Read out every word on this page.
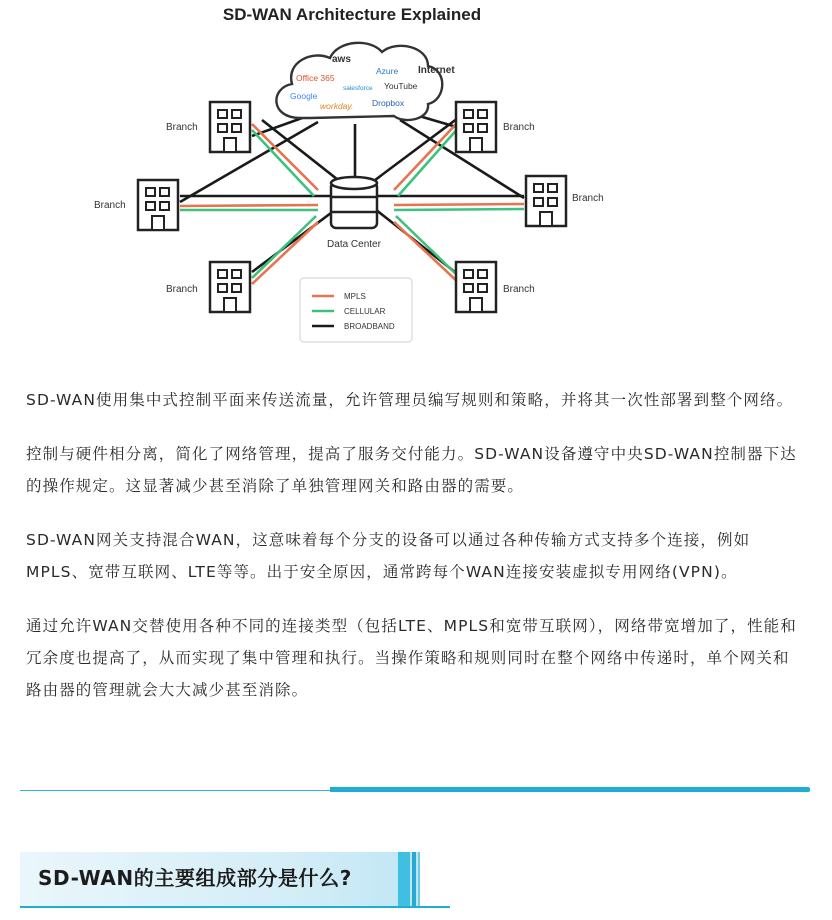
SD-WAN Architecture Explained
aws
Azure
Office 365
salesforce YouTube
Google
workday. Dropbox
Internet
Data Center
Branch
Branch
Branch
Branch
Branch
Branch
MPLS
CELLULAR
BROADBAND

SD-WAN使用集中式控制平面来传送流量，允许管理员编写规则和策略，并将其一次性部署到整个网络。

控制与硬件相分离，简化了网络管理，提高了服务交付能力。SD-WAN设备遵守中央SD-WAN控制器下达的操作规定。这显著减少甚至消除了单独管理网关和路由器的需要。

SD-WAN网关支持混合WAN，这意味着每个分支的设备可以通过各种传输方式支持多个连接，例如 MPLS、宽带互联网、LTE等等。出于安全原因，通常跨每个WAN连接安装虚拟专用网络(VPN)。

通过允许WAN交替使用各种不同的连接类型（包括LTE、MPLS和宽带互联网），网络带宽增加了，性能和冗余度也提高了，从而实现了集中管理和执行。当操作策略和规则同时在整个网络中传递时，单个网关和路由器的管理就会大大减少甚至消除。

SD-WAN的主要组成部分是什么?
